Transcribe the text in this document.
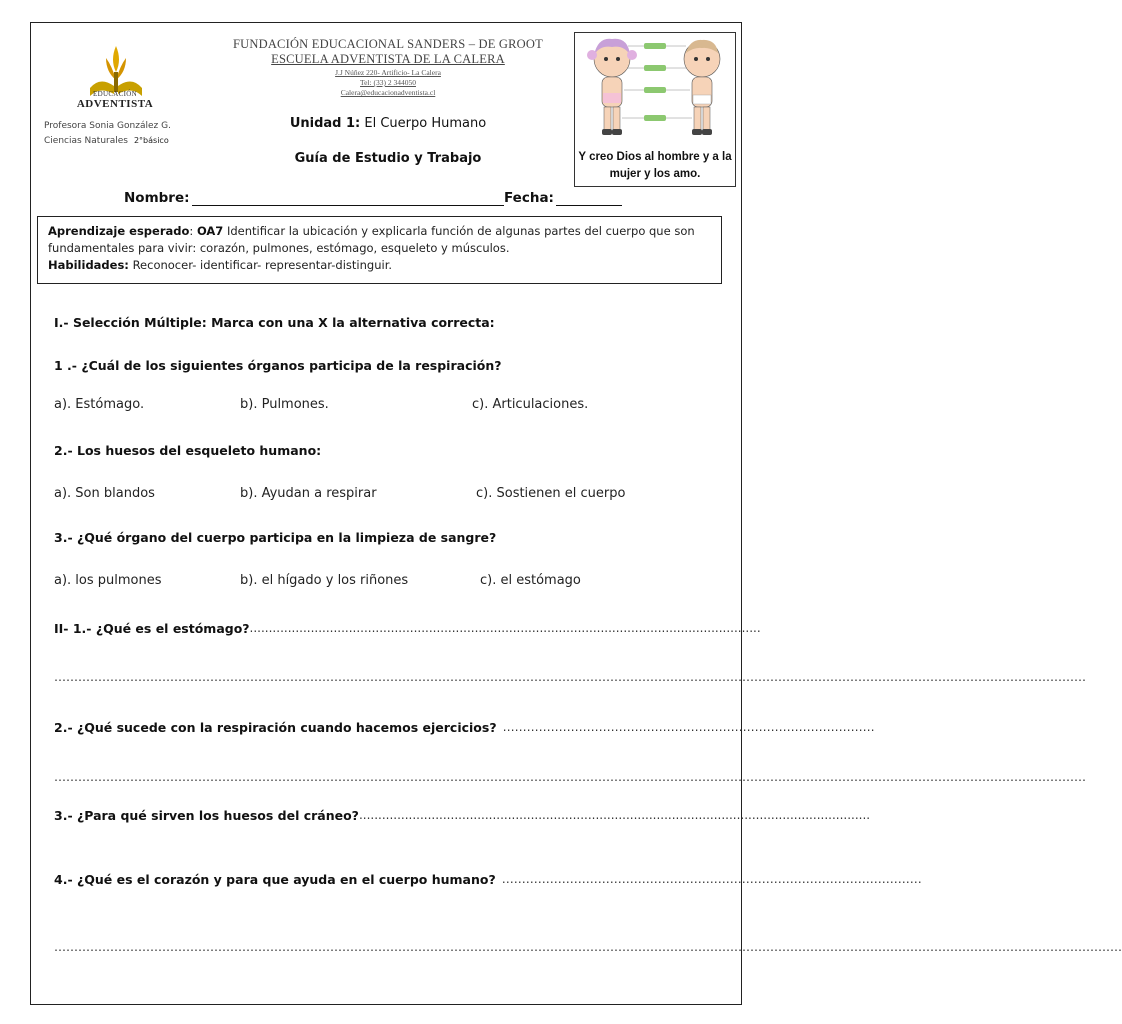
EDUCACIÓN
ADVENTISTA
Profesora Sonia González G.
Ciencias Naturales 2°básico
FUNDACIÓN EDUCACIONAL SANDERS – DE GROOT
ESCUELA ADVENTISTA DE LA CALERA
J.J Núñez 220- Artificio- La Calera
Tel: (33) 2 344050
Calera@educacionadventista.cl
Unidad 1: El Cuerpo Humano
Guía de Estudio y Trabajo	Y creo Dios al hombre y a la mujer y los amo.
Nombre:	Fecha:
Aprendizaje esperado: OA7 Identificar la ubicación y explicarla función de algunas partes del cuerpo que son fundamentales para vivir: corazón, pulmones, estómago, esqueleto y músculos.
Habilidades: Reconocer- identificar- representar-distinguir.
I.- Selección Múltiple: Marca con una X la alternativa correcta:
1 .- ¿Cuál de los siguientes órganos participa de la respiración?
a). Estómago.	b). Pulmones.	c). Articulaciones.
2.- Los huesos del esqueleto humano:
a). Son blandos	b). Ayudan a respirar	c). Sostienen el cuerpo
3.- ¿Qué órgano del cuerpo participa en la limpieza de sangre?
a). los pulmones	b). el hígado y los riñones	c). el estómago
II- 1.- ¿Qué es el estómago? ......................................................................................................................................
……………………………………………………………………………………………………………………………………………………………………………………………………………………………………
2.- ¿Qué sucede con la respiración cuando hacemos ejercicios? …………………………………………………………………………………
……………………………………………………………………………………………………………………………………………………………………………………………………………………………………
3.- ¿Para qué sirven los huesos del cráneo? ......................................................................................................................................
4.- ¿Qué es el corazón y para que ayuda en el cuerpo humano? ……………………………………………………………………………………………
……………………………………………………………………………………………………………………………………………………………………………………………………………………………………………
